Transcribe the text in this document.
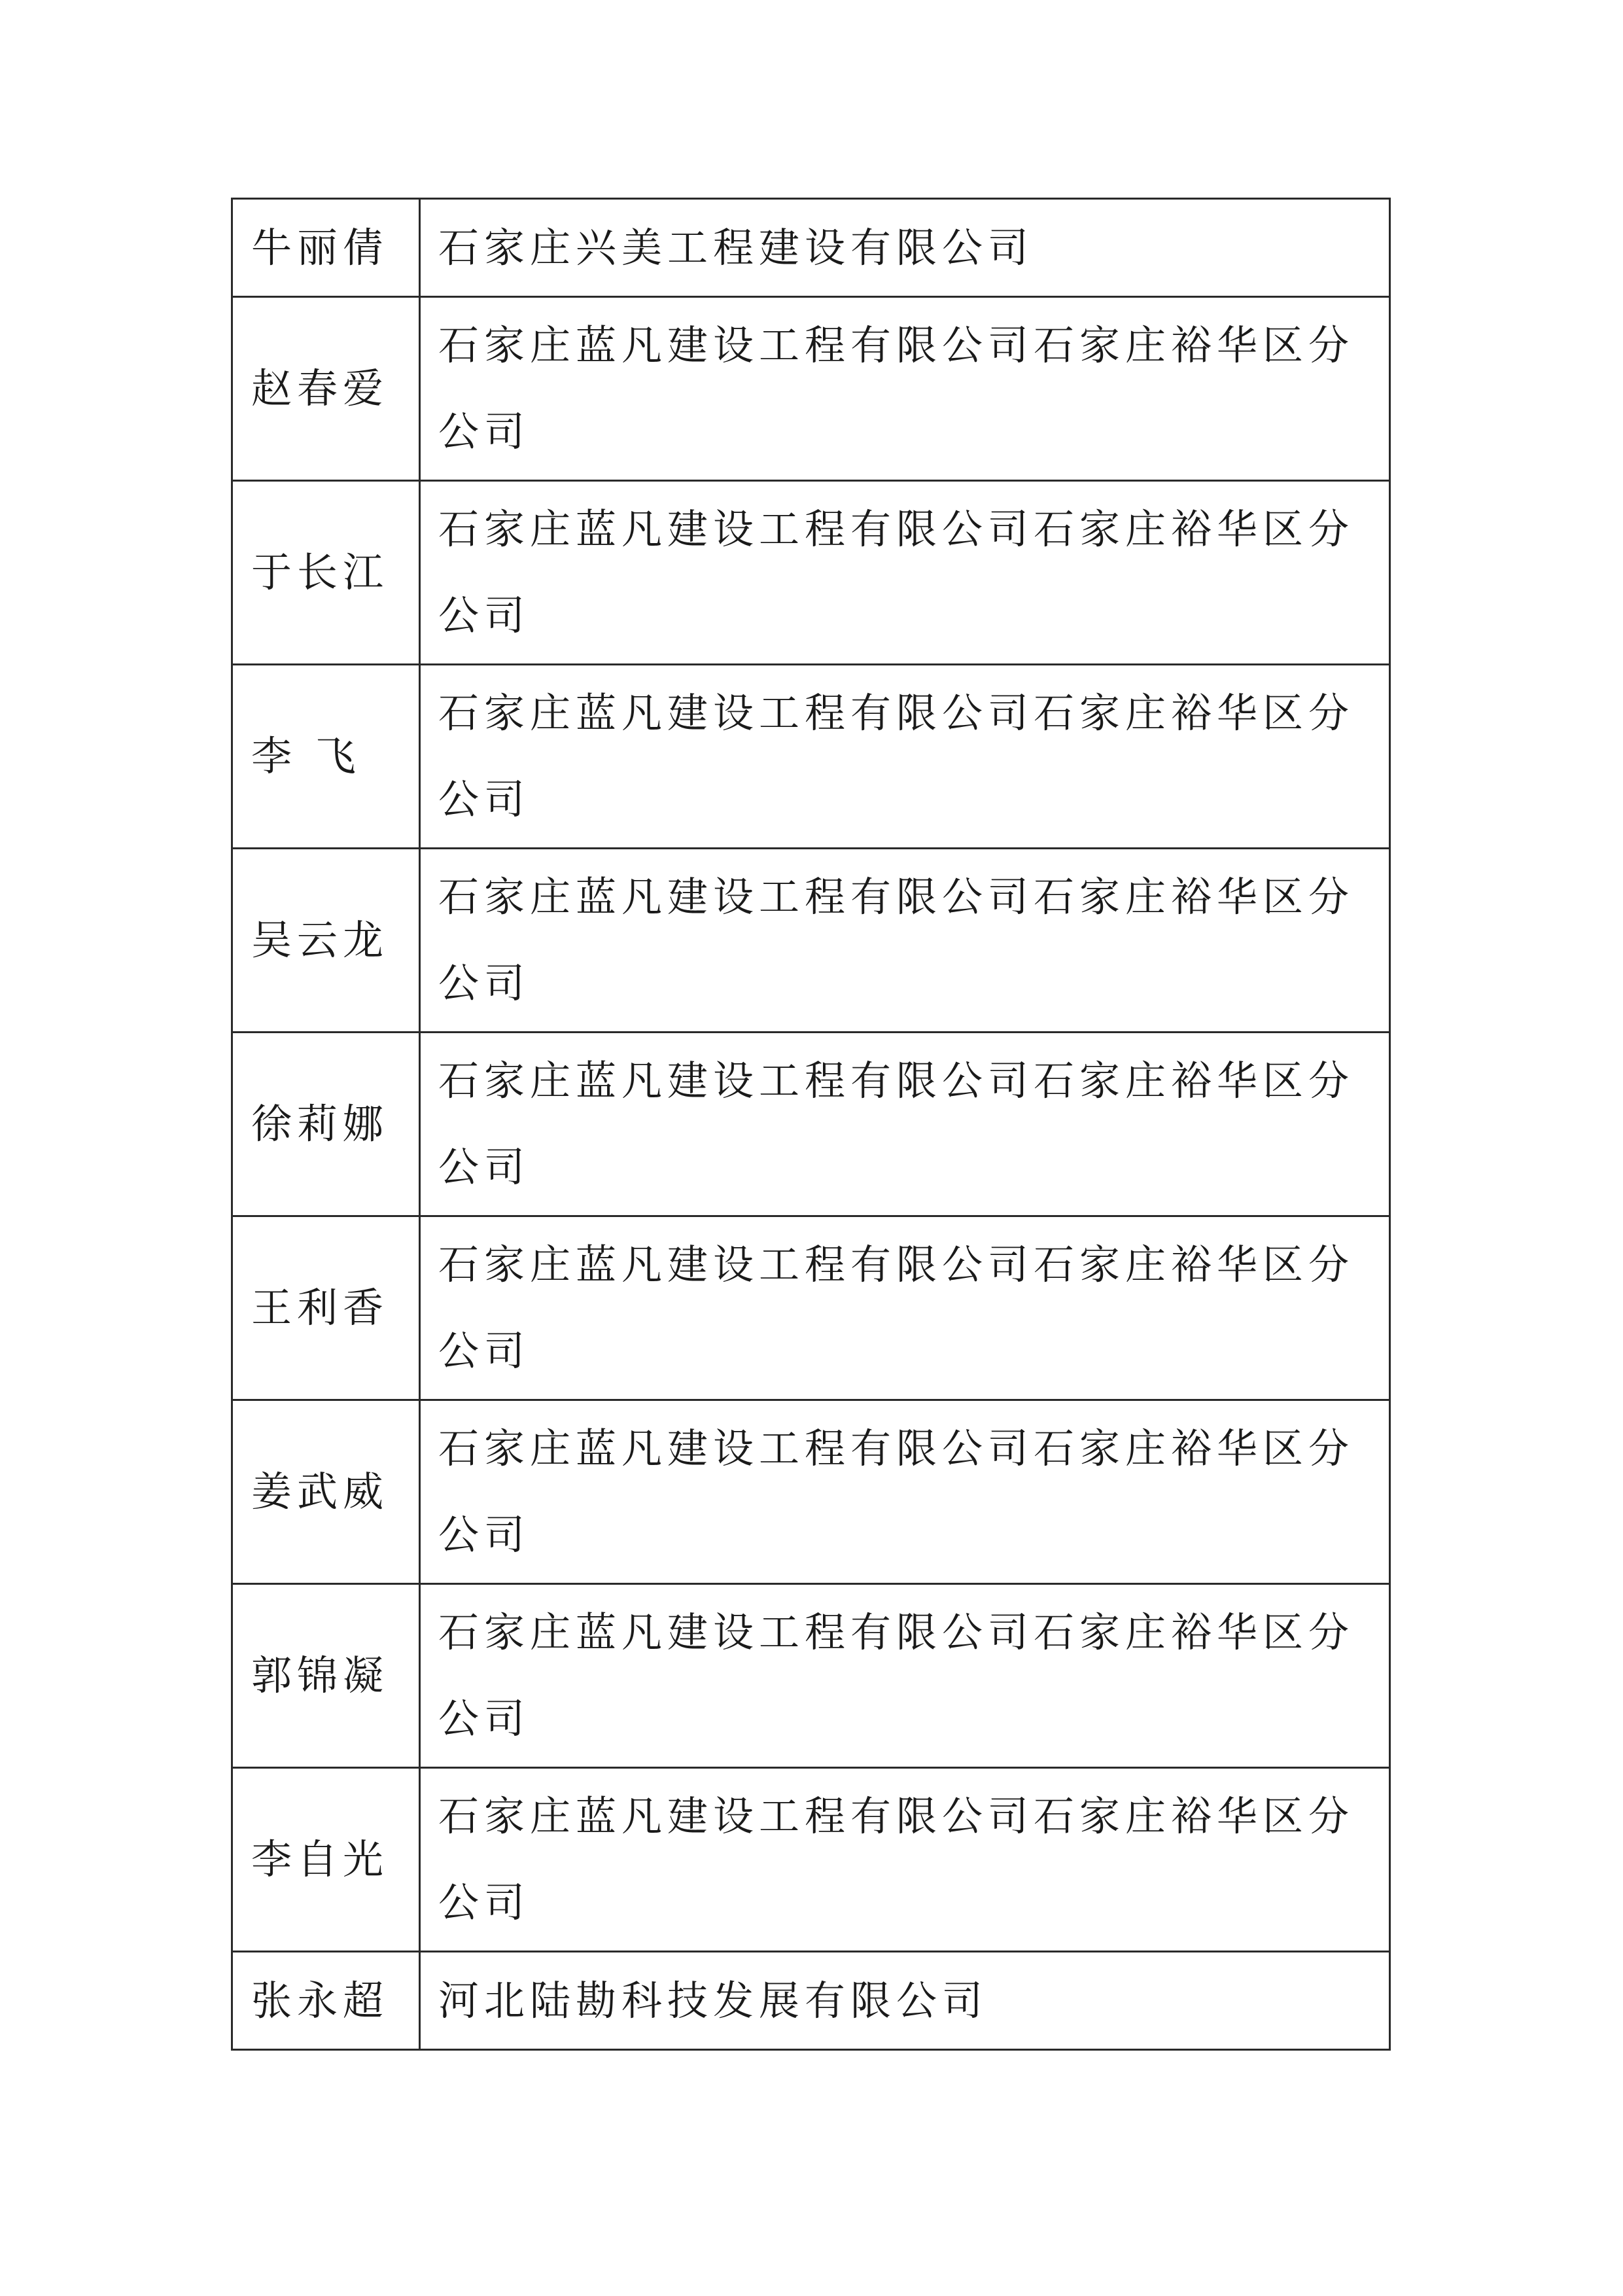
牛丽倩	石家庄兴美工程建设有限公司
赵春爱	石家庄蓝凡建设工程有限公司石家庄裕华区分公司
于长江	石家庄蓝凡建设工程有限公司石家庄裕华区分公司
李 飞	石家庄蓝凡建设工程有限公司石家庄裕华区分公司
吴云龙	石家庄蓝凡建设工程有限公司石家庄裕华区分公司
徐莉娜	石家庄蓝凡建设工程有限公司石家庄裕华区分公司
王利香	石家庄蓝凡建设工程有限公司石家庄裕华区分公司
姜武威	石家庄蓝凡建设工程有限公司石家庄裕华区分公司
郭锦凝	石家庄蓝凡建设工程有限公司石家庄裕华区分公司
李自光	石家庄蓝凡建设工程有限公司石家庄裕华区分公司
张永超	河北陆勘科技发展有限公司
